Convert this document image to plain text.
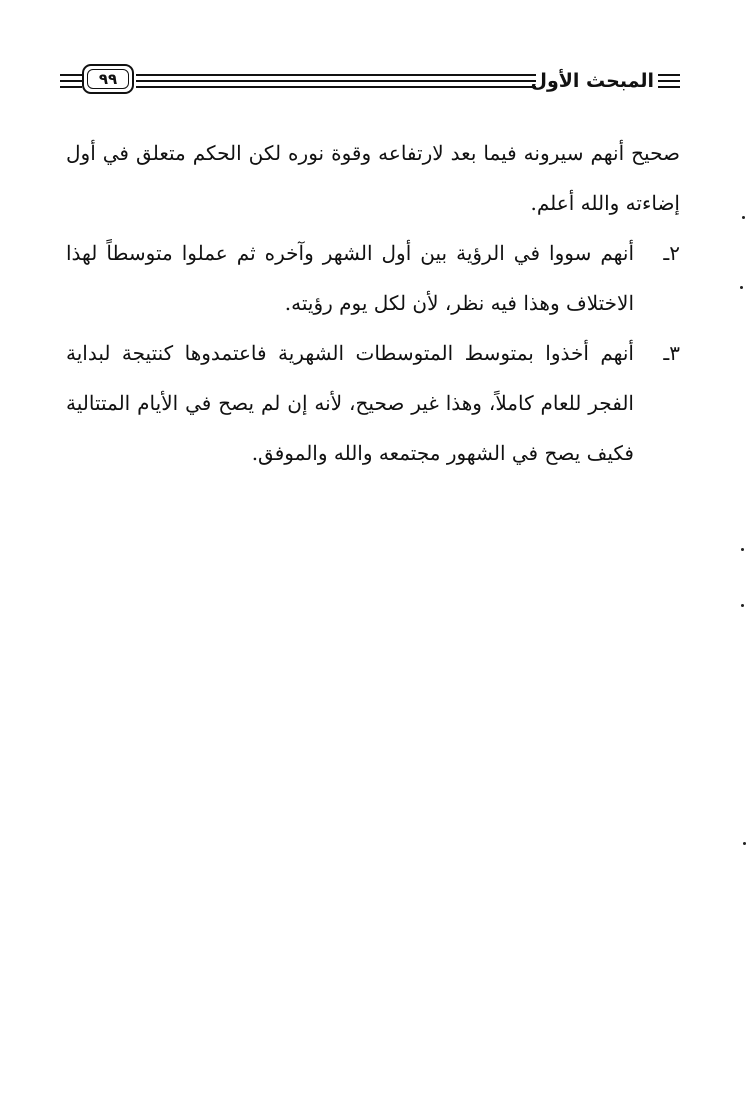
٩٩	المبحث الأول

صحيح أنهم سيرونه فيما بعد لارتفاعه وقوة نوره لكن الحكم متعلق في أول إضاءته والله أعلم.

٢ـ
أنهم سووا في الرؤية بين أول الشهر وآخره ثم عملوا متوسطاً لهذا الاختلاف وهذا فيه نظر، لأن لكل يوم رؤيته.
٣ـ
أنهم أخذوا بمتوسط المتوسطات الشهرية فاعتمدوها كنتيجة لبداية الفجر للعام كاملاً، وهذا غير صحيح، لأنه إن لم يصح في الأيام المتتالية فكيف يصح في الشهور مجتمعه والله والموفق.
